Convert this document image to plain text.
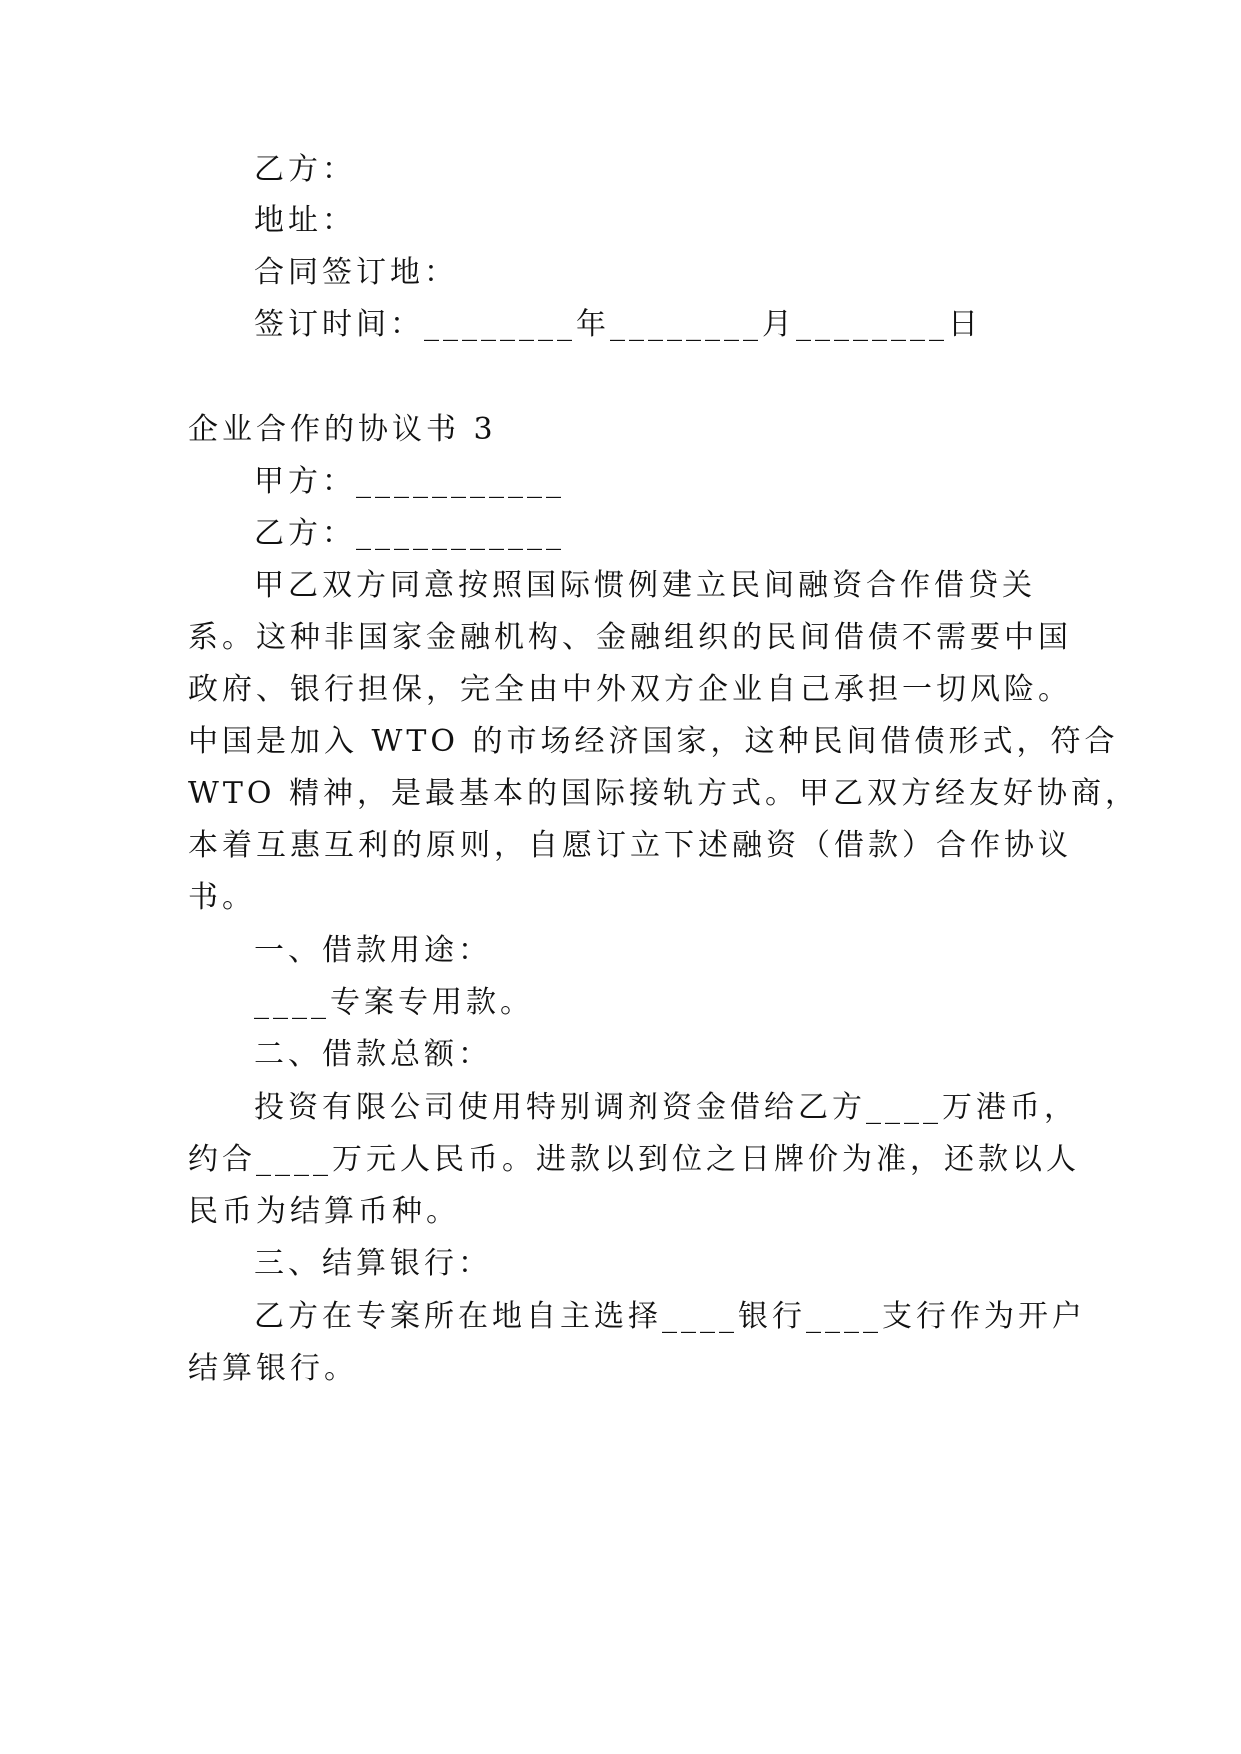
乙方：
地址：
合同签订地：
签订时间：________年________月________日
企业合作的协议书 3
甲方：___________
乙方：___________
甲乙双方同意按照国际惯例建立民间融资合作借贷关
系。这种非国家金融机构、金融组织的民间借债不需要中国
政府、银行担保，完全由中外双方企业自己承担一切风险。
中国是加入 WTO 的市场经济国家，这种民间借债形式，符合
WTO 精神，是最基本的国际接轨方式。甲乙双方经友好协商，
本着互惠互利的原则，自愿订立下述融资（借款）合作协议
书。
一、借款用途：
____专案专用款。
二、借款总额：
投资有限公司使用特别调剂资金借给乙方____万港币，
约合____万元人民币。进款以到位之日牌价为准，还款以人
民币为结算币种。
三、结算银行：
乙方在专案所在地自主选择____银行____支行作为开户
结算银行。
